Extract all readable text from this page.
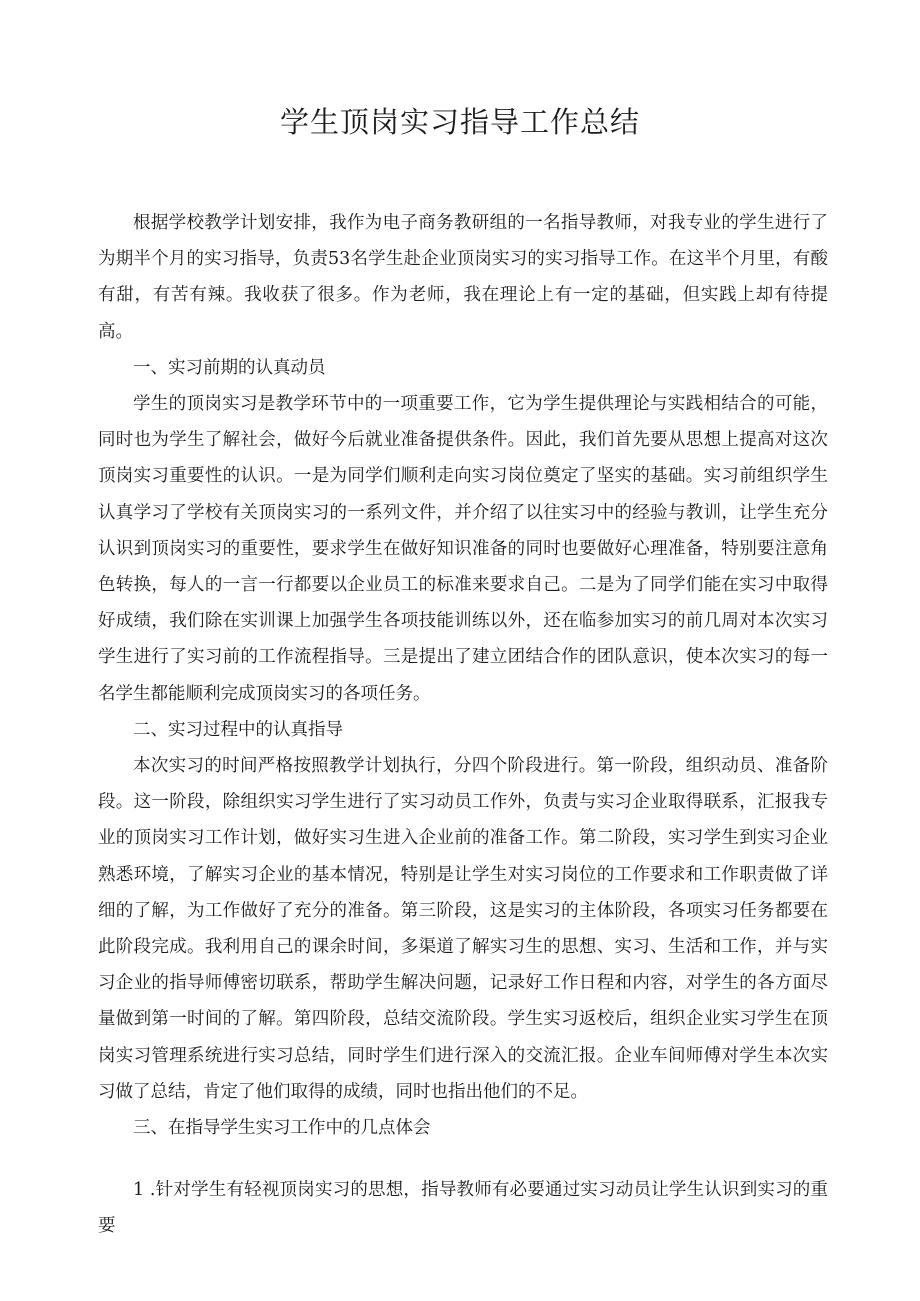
学生顶岗实习指导工作总结

根据学校教学计划安排，我作为电子商务教研组的一名指导教师，对我专业的学生进行了为期半个月的实习指导，负责53名学生赴企业顶岗实习的实习指导工作。在这半个月里，有酸有甜，有苦有辣。我收获了很多。作为老师，我在理论上有一定的基础，但实践上却有待提高。

一、实习前期的认真动员

学生的顶岗实习是教学环节中的一项重要工作，它为学生提供理论与实践相结合的可能，同时也为学生了解社会，做好今后就业准备提供条件。因此，我们首先要从思想上提高对这次顶岗实习重要性的认识。一是为同学们顺利走向实习岗位奠定了坚实的基础。实习前组织学生认真学习了学校有关顶岗实习的一系列文件，并介绍了以往实习中的经验与教训，让学生充分认识到顶岗实习的重要性，要求学生在做好知识准备的同时也要做好心理准备，特别要注意角色转换，每人的一言一行都要以企业员工的标准来要求自己。二是为了同学们能在实习中取得好成绩，我们除在实训课上加强学生各项技能训练以外，还在临参加实习的前几周对本次实习学生进行了实习前的工作流程指导。三是提出了建立团结合作的团队意识，使本次实习的每一名学生都能顺利完成顶岗实习的各项任务。

二、实习过程中的认真指导

本次实习的时间严格按照教学计划执行，分四个阶段进行。第一阶段，组织动员、准备阶段。这一阶段，除组织实习学生进行了实习动员工作外，负责与实习企业取得联系，汇报我专业的顶岗实习工作计划，做好实习生进入企业前的准备工作。第二阶段，实习学生到实习企业熟悉环境，了解实习企业的基本情况，特别是让学生对实习岗位的工作要求和工作职责做了详细的了解，为工作做好了充分的准备。第三阶段，这是实习的主体阶段，各项实习任务都要在此阶段完成。我利用自己的课余时间，多渠道了解实习生的思想、实习、生活和工作，并与实习企业的指导师傅密切联系，帮助学生解决问题，记录好工作日程和内容，对学生的各方面尽量做到第一时间的了解。第四阶段，总结交流阶段。学生实习返校后，组织企业实习学生在顶岗实习管理系统进行实习总结，同时学生们进行深入的交流汇报。企业车间师傅对学生本次实习做了总结，肯定了他们取得的成绩，同时也指出他们的不足。

三、在指导学生实习工作中的几点体会

1 .针对学生有轻视顶岗实习的思想，指导教师有必要通过实习动员让学生认识到实习的重要
